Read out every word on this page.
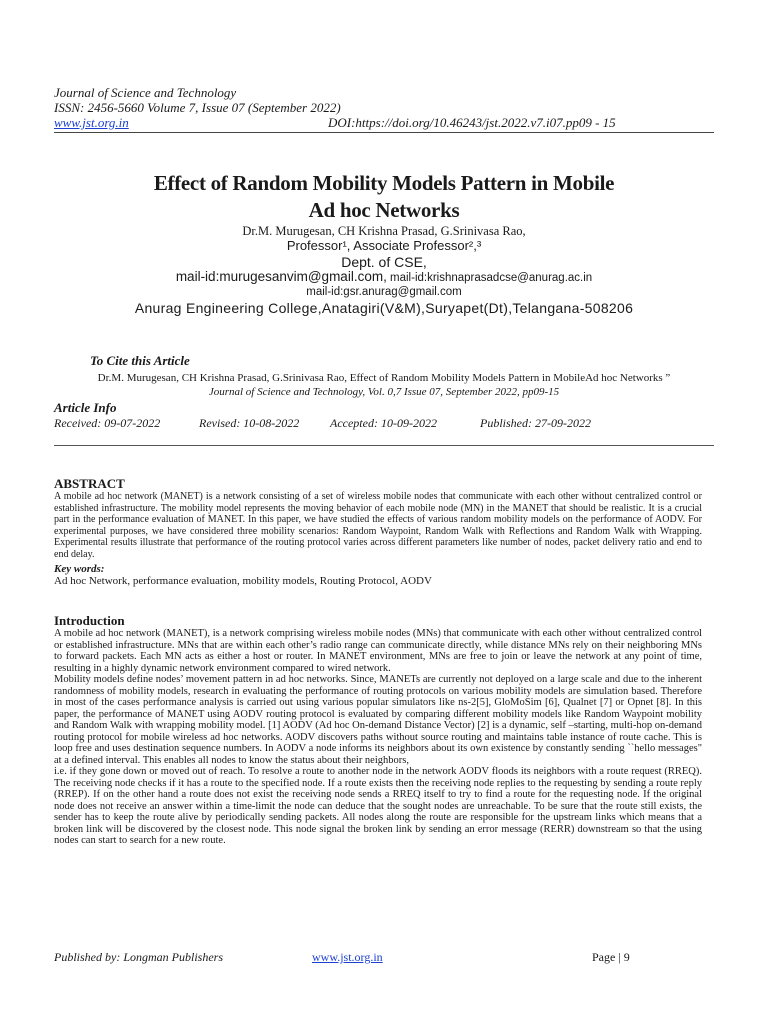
Journal of Science and Technology
ISSN: 2456-5660 Volume 7, Issue 07 (September 2022)
www.jst.org.in	DOI:https://doi.org/10.46243/jst.2022.v7.i07.pp09 - 15
Effect of Random Mobility Models Pattern in Mobile
Ad hoc Networks
Dr.M. Murugesan, CH Krishna Prasad, G.Srinivasa Rao,
Professor¹, Associate Professor²,³
Dept. of CSE,
mail-id:murugesanvim@gmail.com, mail-id:krishnaprasadcse@anurag.ac.in
mail-id:gsr.anurag@gmail.com
Anurag Engineering College,Anatagiri(V&M),Suryapet(Dt),Telangana-508206
To Cite this Article
Dr.M. Murugesan, CH Krishna Prasad, G.Srinivasa Rao, Effect of Random Mobility Models Pattern in MobileAd hoc Networks ”
Journal of Science and Technology, Vol. 0,7 Issue 07, September 2022, pp09-15
Article Info
Received: 09-07-2022	Revised: 10-08-2022	Accepted: 10-09-2022	Published: 27-09-2022
ABSTRACT
A mobile ad hoc network (MANET) is a network consisting of a set of wireless mobile nodes that communicate with each other without centralized control or established infrastructure. The mobility model represents the moving behavior of each mobile node (MN) in the MANET that should be realistic. It is a crucial part in the performance evaluation of MANET. In this paper, we have studied the effects of various random mobility models on the performance of AODV. For experimental purposes, we have considered three mobility scenarios: Random Waypoint, Random Walk with Reflections and Random Walk with Wrapping. Experimental results illustrate that performance of the routing protocol varies across different parameters like number of nodes, packet delivery ratio and end to end delay.
Key words:
Ad hoc Network, performance evaluation, mobility models, Routing Protocol, AODV
Introduction

A mobile ad hoc network (MANET), is a network comprising wireless mobile nodes (MNs) that communicate with each other without centralized control or established infrastructure. MNs that are within each other’s radio range can communicate directly, while distance MNs rely on their neighboring MNs to forward packets. Each MN acts as either a host or router. In MANET environment, MNs are free to join or leave the network at any point of time, resulting in a highly dynamic network environment compared to wired network.

Mobility models define nodes’ movement pattern in ad hoc networks. Since, MANETs are currently not deployed on a large scale and due to the inherent randomness of mobility models, research in evaluating the performance of routing protocols on various mobility models are simulation based. Therefore in most of the cases performance analysis is carried out using various popular simulators like ns-2[5], GloMoSim [6], Qualnet [7] or Opnet [8]. In this paper, the performance of MANET using AODV routing protocol is evaluated by comparing different mobility models like Random Waypoint mobility and Random Walk with wrapping mobility model. [1] AODV (Ad hoc On-demand Distance Vector) [2] is a dynamic, self –starting, multi-hop on-demand routing protocol for mobile wireless ad hoc networks. AODV discovers paths without source routing and maintains table instance of route cache. This is loop free and uses destination sequence numbers. In AODV a node informs its neighbors about its own existence by constantly sending ``hello messages" at a defined interval. This enables all nodes to know the status about their neighbors,

i.e. if they gone down or moved out of reach. To resolve a route to another node in the network AODV floods its neighbors with a route request (RREQ). The receiving node checks if it has a route to the specified node. If a route exists then the receiving node replies to the requesting by sending a route reply (RREP). If on the other hand a route does not exist the receiving node sends a RREQ itself to try to find a route for the requesting node. If the original node does not receive an answer within a time-limit the node can deduce that the sought nodes are unreachable. To be sure that the route still exists, the sender has to keep the route alive by periodically sending packets. All nodes along the route are responsible for the upstream links which means that a broken link will be discovered by the closest node. This node signal the broken link by sending an error message (RERR) downstream so that the using nodes can start to search for a new route.

Published by: Longman Publishers	www.jst.org.in	Page | 9
